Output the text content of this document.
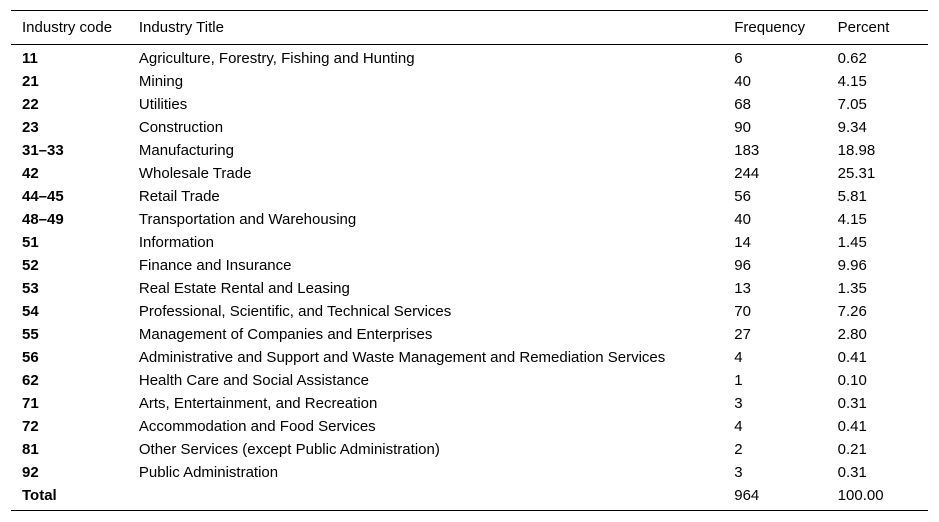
Industry code	Industry Title	Frequency	Percent
11	Agriculture, Forestry, Fishing and Hunting	6	0.62
21	Mining	40	4.15
22	Utilities	68	7.05
23	Construction	90	9.34
31–33	Manufacturing	183	18.98
42	Wholesale Trade	244	25.31
44–45	Retail Trade	56	5.81
48–49	Transportation and Warehousing	40	4.15
51	Information	14	1.45
52	Finance and Insurance	96	9.96
53	Real Estate Rental and Leasing	13	1.35
54	Professional, Scientific, and Technical Services	70	7.26
55	Management of Companies and Enterprises	27	2.80
56	Administrative and Support and Waste Management and Remediation Services	4	0.41
62	Health Care and Social Assistance	1	0.10
71	Arts, Entertainment, and Recreation	3	0.31
72	Accommodation and Food Services	4	0.41
81	Other Services (except Public Administration)	2	0.21
92	Public Administration	3	0.31
Total		964	100.00
